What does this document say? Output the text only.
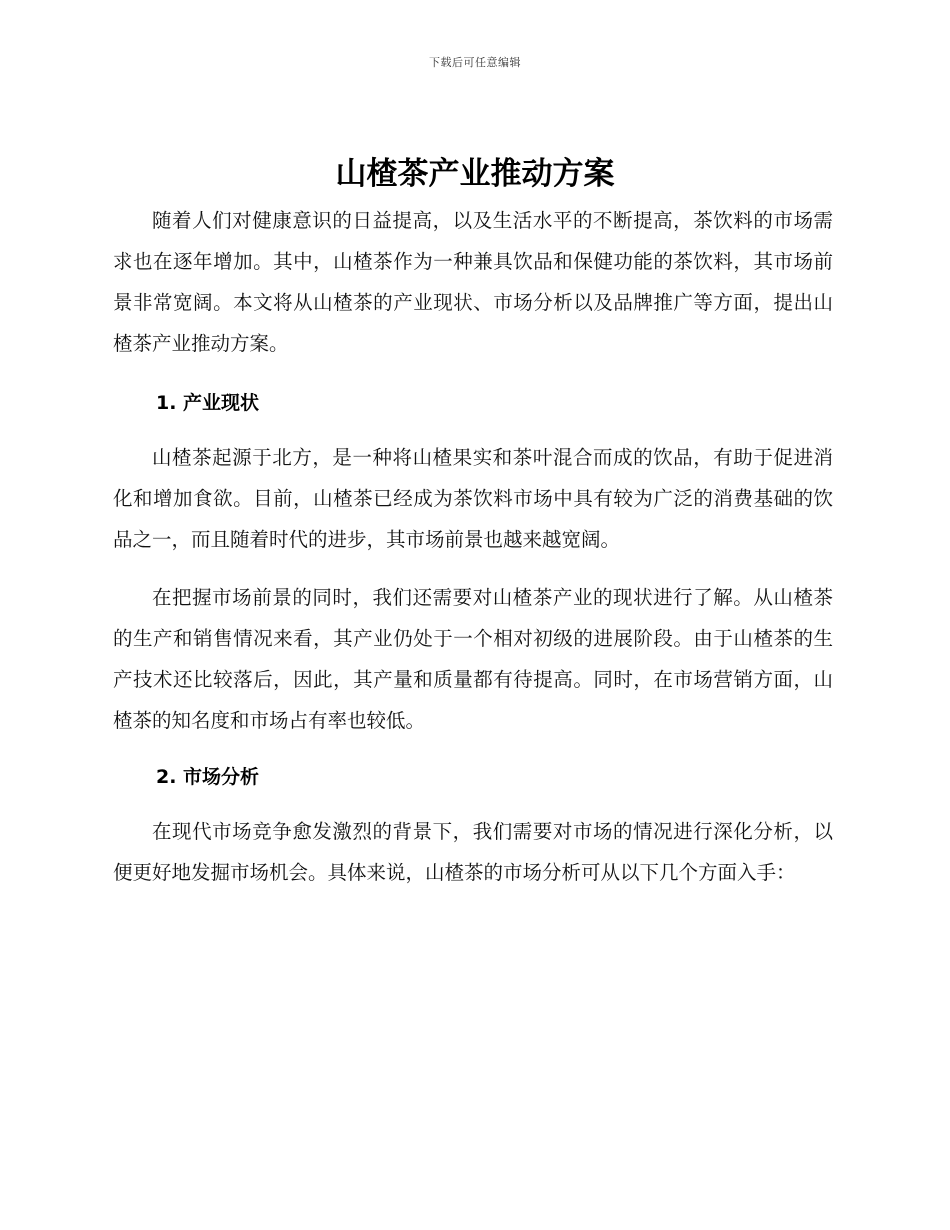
下载后可任意编辑
山楂茶产业推动方案

随着人们对健康意识的日益提高，以及生活水平的不断提高，茶饮料的市场需求也在逐年增加。其中，山楂茶作为一种兼具饮品和保健功能的茶饮料，其市场前景非常宽阔。本文将从山楂茶的产业现状、市场分析以及品牌推广等方面，提出山楂茶产业推动方案。

1. 产业现状

山楂茶起源于北方，是一种将山楂果实和茶叶混合而成的饮品，有助于促进消化和增加食欲。目前，山楂茶已经成为茶饮料市场中具有较为广泛的消费基础的饮品之一，而且随着时代的进步，其市场前景也越来越宽阔。

在把握市场前景的同时，我们还需要对山楂茶产业的现状进行了解。从山楂茶的生产和销售情况来看，其产业仍处于一个相对初级的进展阶段。由于山楂茶的生产技术还比较落后，因此，其产量和质量都有待提高。同时，在市场营销方面，山楂茶的知名度和市场占有率也较低。

2. 市场分析

在现代市场竞争愈发激烈的背景下，我们需要对市场的情况进行深化分析，以便更好地发掘市场机会。具体来说，山楂茶的市场分析可从以下几个方面入手：
